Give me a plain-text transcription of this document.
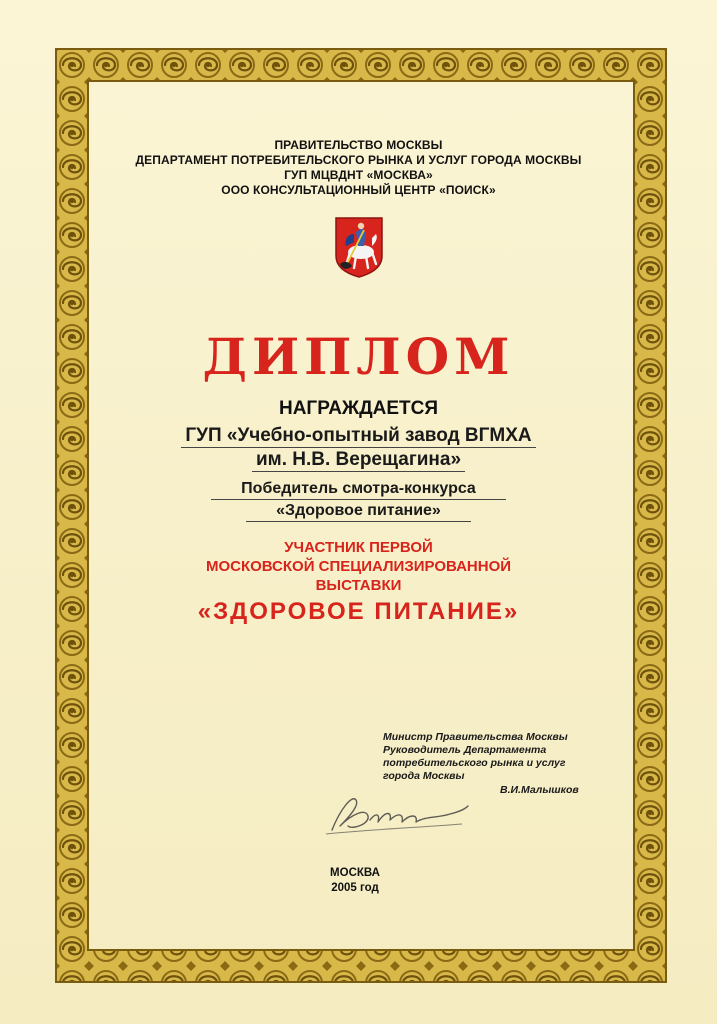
ПРАВИТЕЛЬСТВО МОСКВЫ
ДЕПАРТАМЕНТ ПОТРЕБИТЕЛЬСКОГО РЫНКА И УСЛУГ ГОРОДА МОСКВЫ
ГУП МЦВДНТ «МОСКВА»
ООО КОНСУЛЬТАЦИОННЫЙ ЦЕНТР «ПОИСК»
ДИПЛОМ
НАГРАЖДАЕТСЯ
ГУП «Учебно-опытный завод ВГМХА
им. Н.В. Верещагина»
Победитель смотра-конкурса
«Здоровое питание»
УЧАСТНИК ПЕРВОЙ
МОСКОВСКОЙ СПЕЦИАЛИЗИРОВАННОЙ
ВЫСТАВКИ
«ЗДОРОВОЕ ПИТАНИЕ»
Министр Правительства Москвы
Руководитель Департамента
потребительского рынка и услуг
города Москвы
В.И.Малышков
МОСКВА
2005 год
